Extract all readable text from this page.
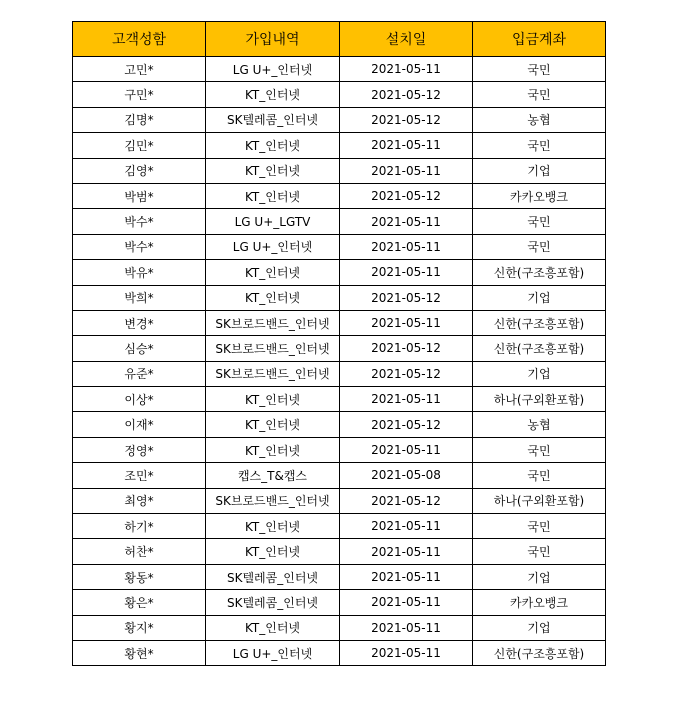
고객성함	가입내역	설치일	입금계좌
고민*	LG U+_인터넷	2021-05-11	국민
구민*	KT_인터넷	2021-05-12	국민
김명*	SK텔레콤_인터넷	2021-05-12	농협
김민*	KT_인터넷	2021-05-11	국민
김영*	KT_인터넷	2021-05-11	기업
박범*	KT_인터넷	2021-05-12	카카오뱅크
박수*	LG U+_LGTV	2021-05-11	국민
박수*	LG U+_인터넷	2021-05-11	국민
박유*	KT_인터넷	2021-05-11	신한(구조흥포함)
박희*	KT_인터넷	2021-05-12	기업
변경*	SK브로드밴드_인터넷	2021-05-11	신한(구조흥포함)
심승*	SK브로드밴드_인터넷	2021-05-12	신한(구조흥포함)
유준*	SK브로드밴드_인터넷	2021-05-12	기업
이상*	KT_인터넷	2021-05-11	하나(구외환포함)
이재*	KT_인터넷	2021-05-12	농협
정영*	KT_인터넷	2021-05-11	국민
조민*	캡스_T&캡스	2021-05-08	국민
최영*	SK브로드밴드_인터넷	2021-05-12	하나(구외환포함)
하기*	KT_인터넷	2021-05-11	국민
허찬*	KT_인터넷	2021-05-11	국민
황동*	SK텔레콤_인터넷	2021-05-11	기업
황은*	SK텔레콤_인터넷	2021-05-11	카카오뱅크
황지*	KT_인터넷	2021-05-11	기업
황현*	LG U+_인터넷	2021-05-11	신한(구조흥포함)
